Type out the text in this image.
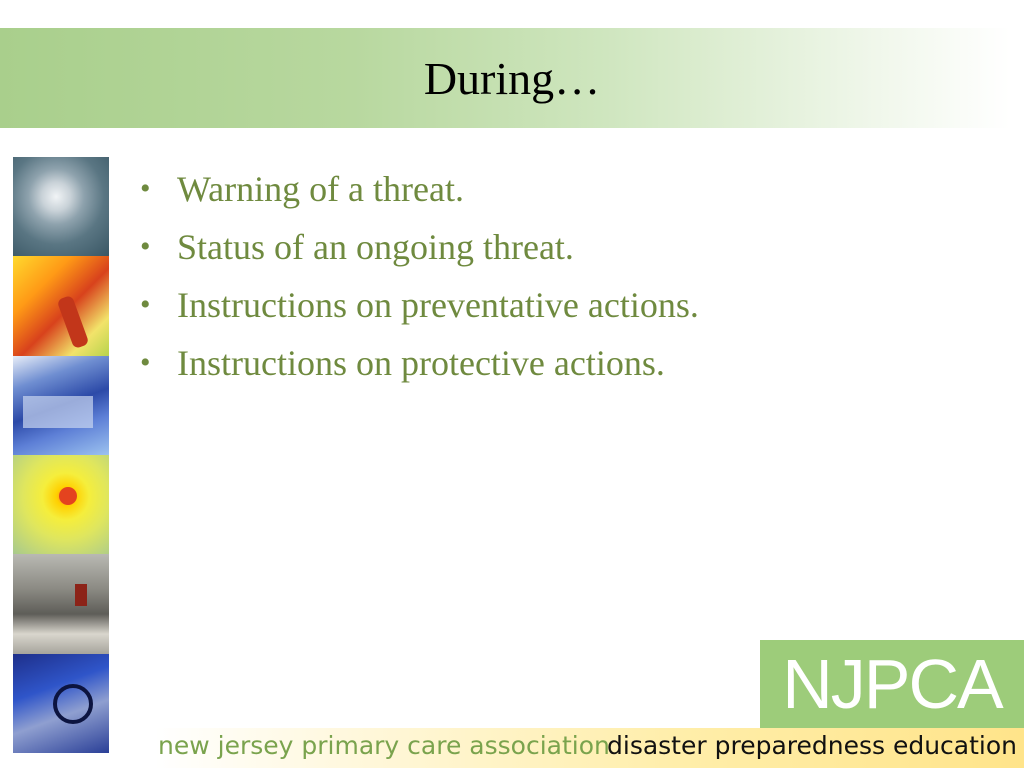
During…
• Warning of a threat.
• Status of an ongoing threat.
• Instructions on preventative actions.
• Instructions on protective actions.
NJPCA
new jersey primary care association
disaster preparedness education
